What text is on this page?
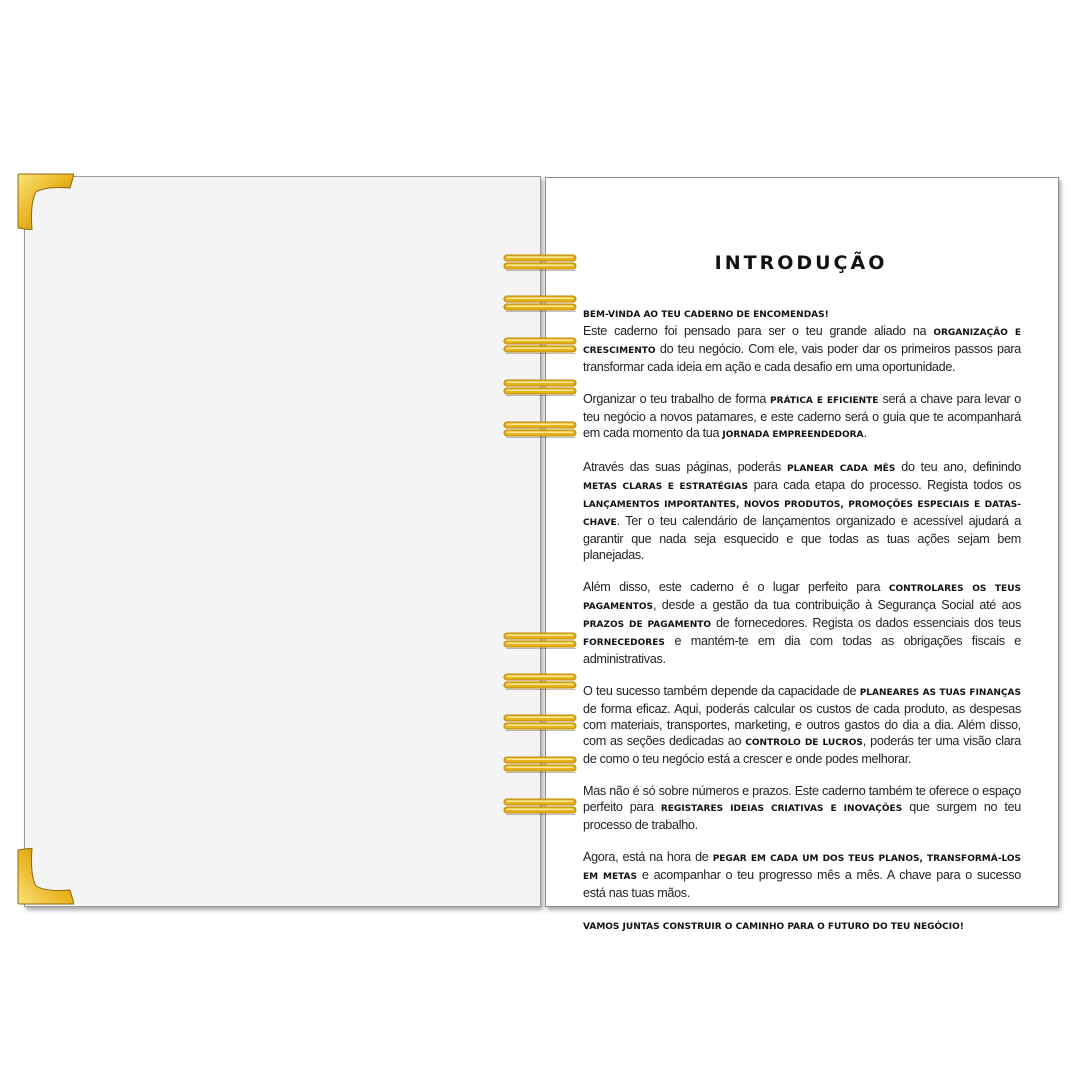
INTRODUÇÃO
BEM-VINDA AO TEU CADERNO DE ENCOMENDAS!
Este caderno foi pensado para ser o teu grande aliado na ORGANIZAÇÃO E CRESCIMENTO do teu negócio. Com ele, vais poder dar os primeiros passos para transformar cada ideia em ação e cada desafio em uma oportunidade.
Organizar o teu trabalho de forma PRÁTICA E EFICIENTE será a chave para levar o teu negócio a novos patamares, e este caderno será o guia que te acompanhará em cada momento da tua JORNADA EMPREENDEDORA.
Através das suas páginas, poderás PLANEAR CADA MÊS do teu ano, definindo METAS CLARAS E ESTRATÉGIAS para cada etapa do processo. Regista todos os LANÇAMENTOS IMPORTANTES, NOVOS PRODUTOS, PROMOÇÕES ESPECIAIS E DATAS-CHAVE. Ter o teu calendário de lançamentos organizado e acessível ajudará a garantir que nada seja esquecido e que todas as tuas ações sejam bem planejadas.
Além disso, este caderno é o lugar perfeito para CONTROLARES OS TEUS PAGAMENTOS, desde a gestão da tua contribuição à Segurança Social até aos PRAZOS DE PAGAMENTO de fornecedores. Regista os dados essenciais dos teus FORNECEDORES e mantém-te em dia com todas as obrigações fiscais e administrativas.
O teu sucesso também depende da capacidade de PLANEARES AS TUAS FINANÇAS de forma eficaz. Aqui, poderás calcular os custos de cada produto, as despesas com materiais, transportes, marketing, e outros gastos do dia a dia. Além disso, com as seções dedicadas ao CONTROLO DE LUCROS, poderás ter uma visão clara de como o teu negócio está a crescer e onde podes melhorar.
Mas não é só sobre números e prazos. Este caderno também te oferece o espaço perfeito para REGISTARES IDEIAS CRIATIVAS E INOVAÇÕES que surgem no teu processo de trabalho.
Agora, está na hora de PEGAR EM CADA UM DOS TEUS PLANOS, TRANSFORMÁ-LOS EM METAS e acompanhar o teu progresso mês a mês. A chave para o sucesso está nas tuas mãos.
VAMOS JUNTAS CONSTRUIR O CAMINHO PARA O FUTURO DO TEU NEGÓCIO!
